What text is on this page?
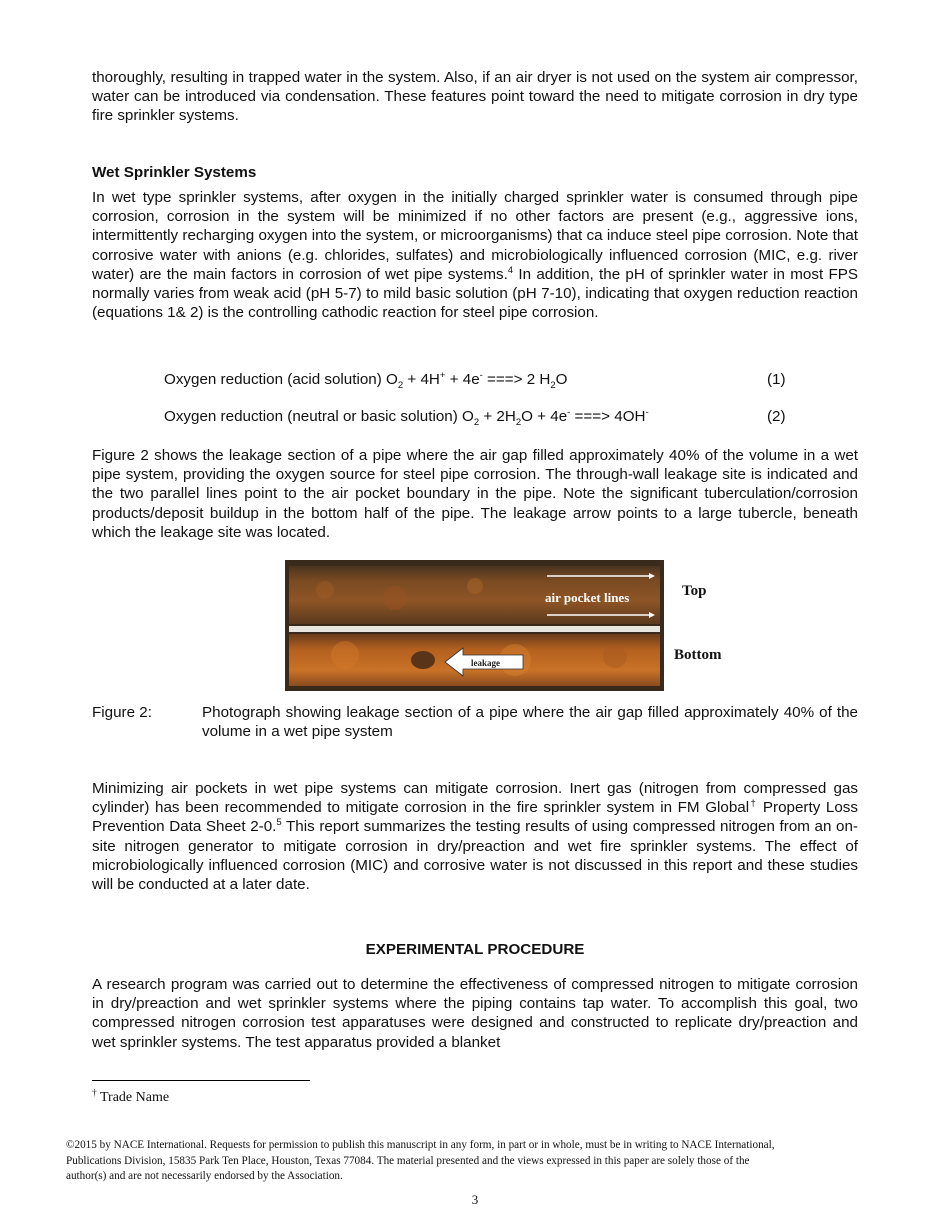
thoroughly, resulting in trapped water in the system. Also, if an air dryer is not used on the system air compressor, water can be introduced via condensation. These features point toward the need to mitigate corrosion in dry type fire sprinkler systems.

Wet Sprinkler Systems

In wet type sprinkler systems, after oxygen in the initially charged sprinkler water is consumed through pipe corrosion, corrosion in the system will be minimized if no other factors are present (e.g., aggressive ions, intermittently recharging oxygen into the system, or microorganisms) that ca induce steel pipe corrosion. Note that corrosive water with anions (e.g. chlorides, sulfates) and microbiologically influenced corrosion (MIC, e.g. river water) are the main factors in corrosion of wet pipe systems.$^4$ In addition, the pH of sprinkler water in most FPS normally varies from weak acid (pH 5-7) to mild basic solution (pH 7-10), indicating that oxygen reduction reaction (equations 1& 2) is the controlling cathodic reaction for steel pipe corrosion.

Oxygen reduction (acid solution) $O_2 + 4H^+ + 4e^-$ ===> 2 $H_2O$	(1)
Oxygen reduction (neutral or basic solution) $O_2 + 2H_2O + 4e^-$ ===> 4OH-	(2)

Figure 2 shows the leakage section of a pipe where the air gap filled approximately 40% of the volume in a wet pipe system, providing the oxygen source for steel pipe corrosion. The through-wall leakage site is indicated and the two parallel lines point to the air pocket boundary in the pipe. Note the significant tuberculation/corrosion products/deposit buildup in the bottom half of the pipe. The leakage arrow points to a large tubercle, beneath which the leakage site was located.

air pocket lines
leakage
Top
Bottom
Figure 2:	Photograph showing leakage section of a pipe where the air gap filled approximately 40% of the volume in a wet pipe system

Minimizing air pockets in wet pipe systems can mitigate corrosion. Inert gas (nitrogen from compressed gas cylinder) has been recommended to mitigate corrosion in the fire sprinkler system in FM Global† Property Loss Prevention Data Sheet 2-0.$^5$ This report summarizes the testing results of using compressed nitrogen from an on-site nitrogen generator to mitigate corrosion in dry/preaction and wet fire sprinkler systems. The effect of microbiologically influenced corrosion (MIC) and corrosive water is not discussed in this report and these studies will be conducted at a later date.

EXPERIMENTAL PROCEDURE

A research program was carried out to determine the effectiveness of compressed nitrogen to mitigate corrosion in dry/preaction and wet sprinkler systems where the piping contains tap water. To accomplish this goal, two compressed nitrogen corrosion test apparatuses were designed and constructed to replicate dry/preaction and wet sprinkler systems. The test apparatus provided a blanket

† Trade Name
©2015 by NACE International. Requests for permission to publish this manuscript in any form, in part or in whole, must be in writing to NACE International, Publications Division, 15835 Park Ten Place, Houston, Texas 77084. The material presented and the views expressed in this paper are solely those of the author(s) and are not necessarily endorsed by the Association.
3
